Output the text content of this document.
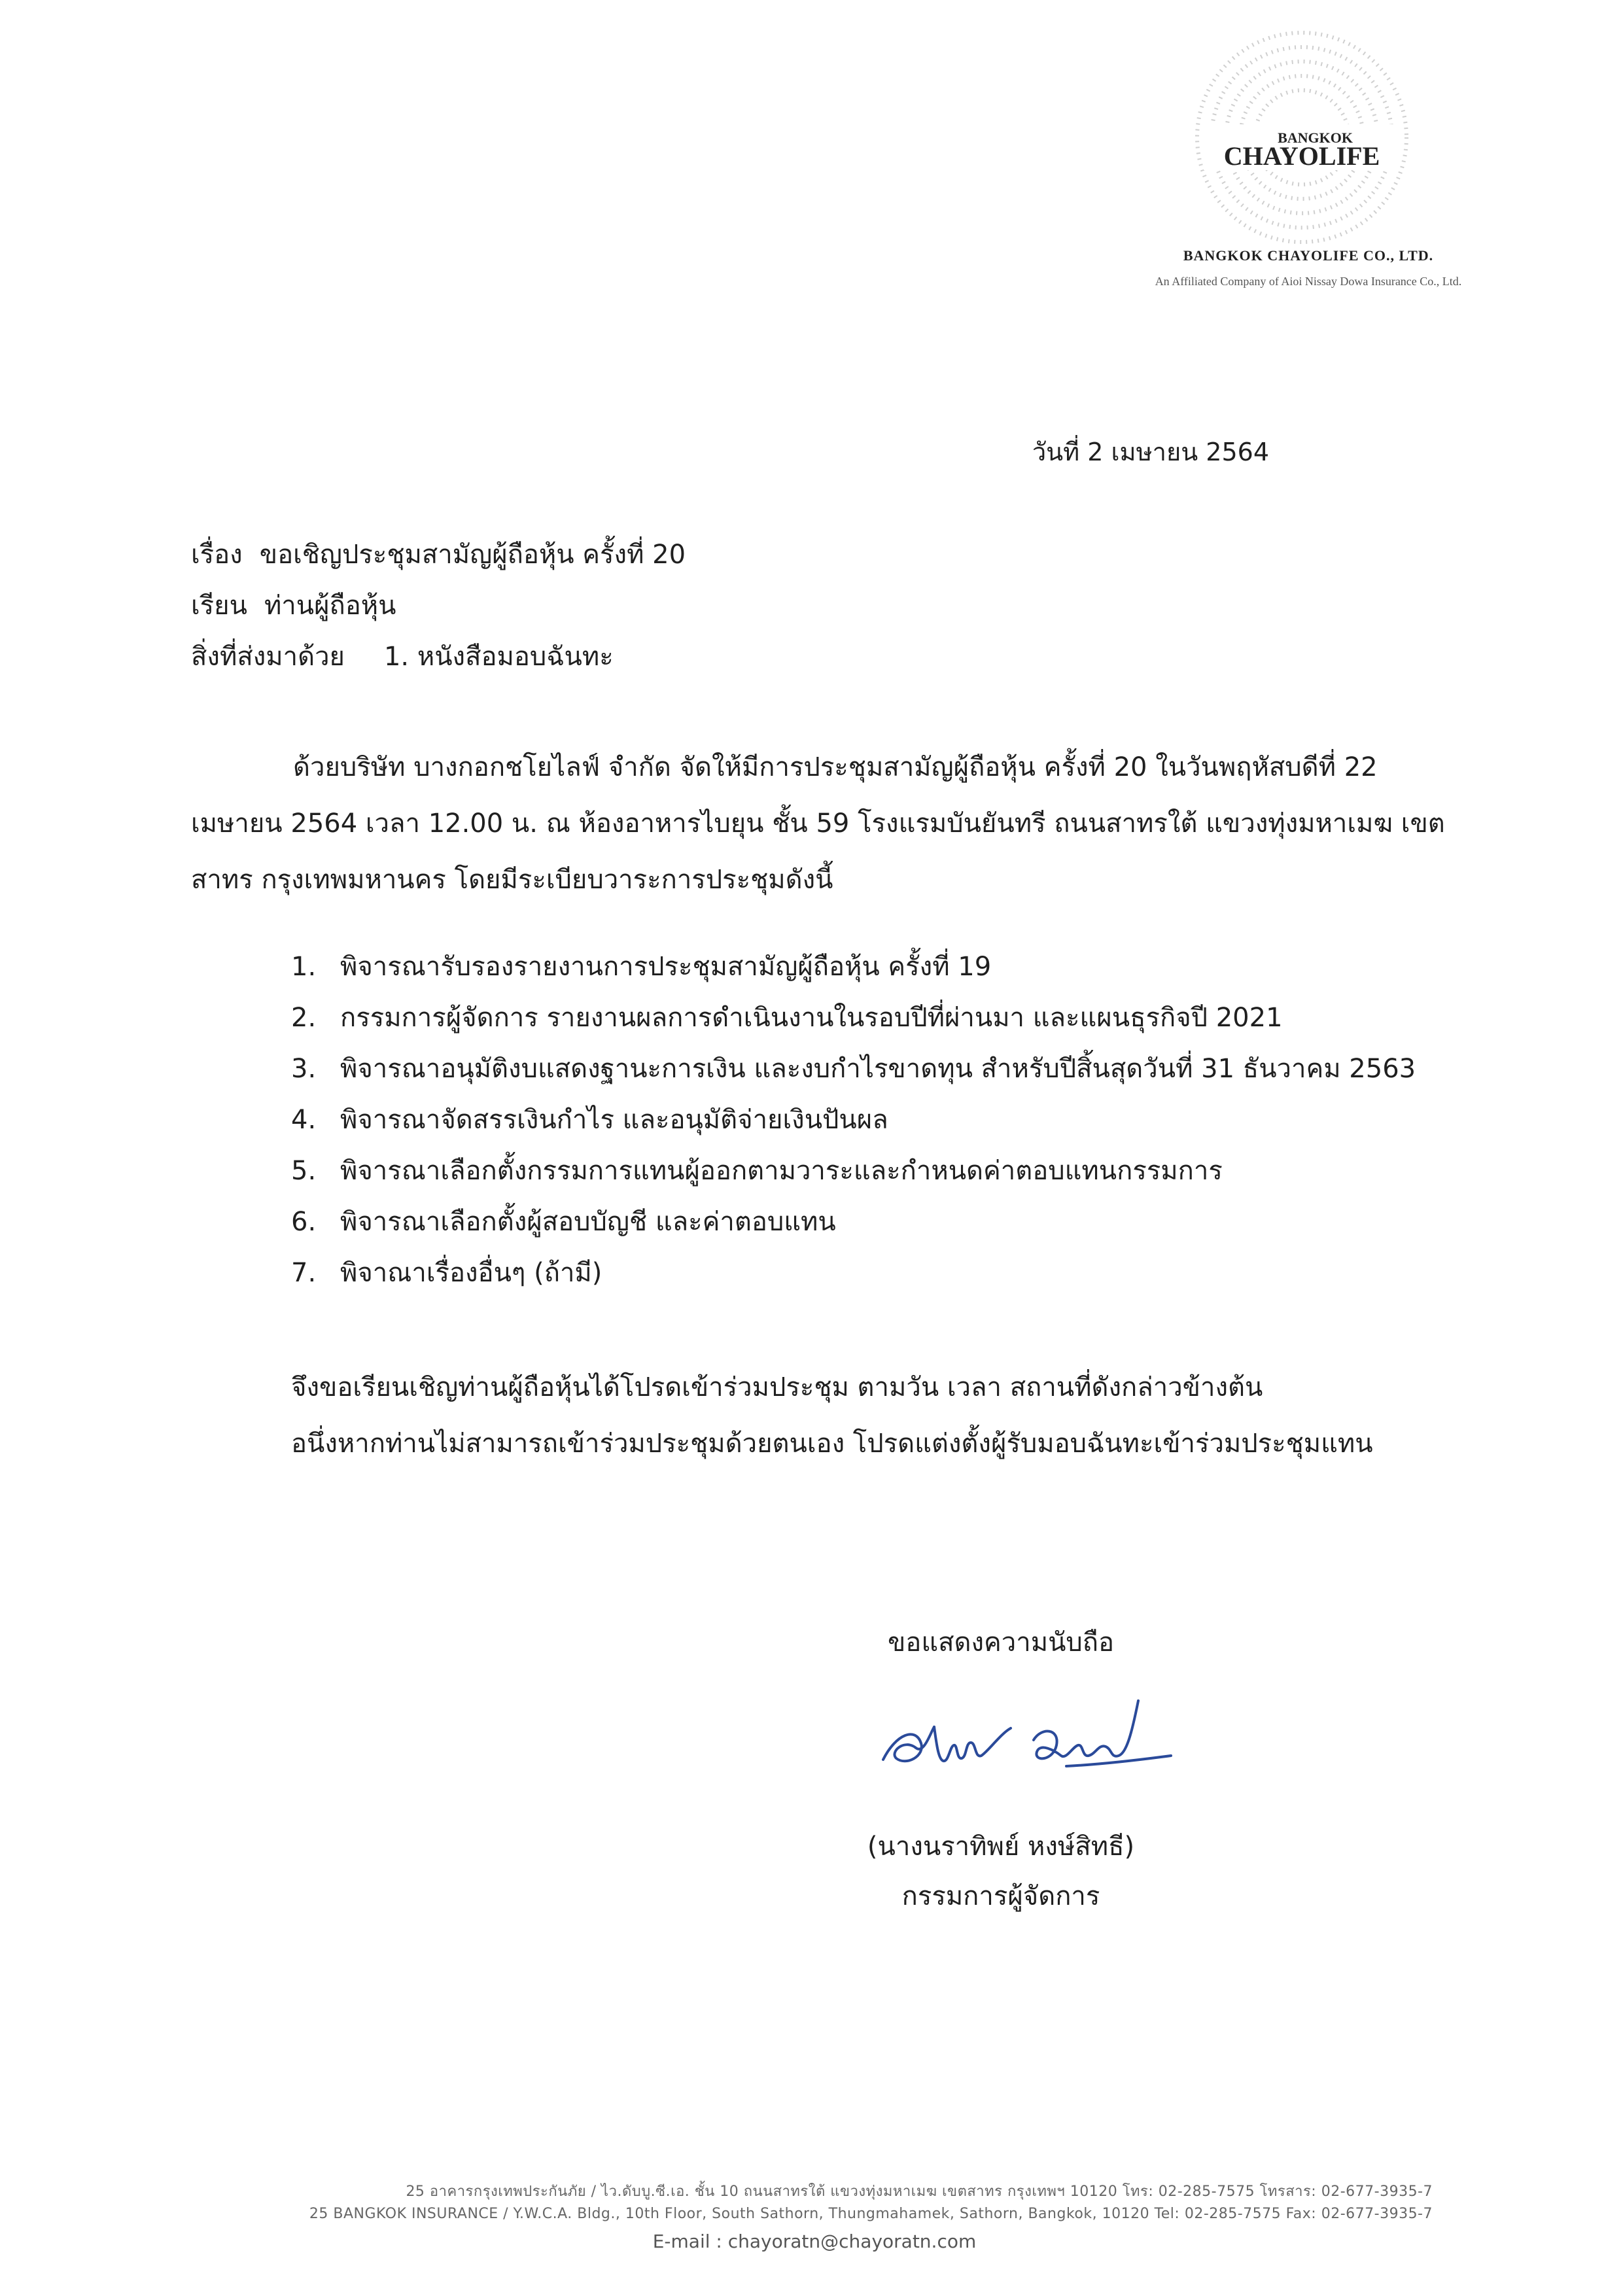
BANGKOK
CHAYOLIFE
BANGKOK CHAYOLIFE CO., LTD.
An Affiliated Company of Aioi Nissay Dowa Insurance Co., Ltd.
วันที่ 2 เมษายน 2564
เรื่อง ขอเชิญประชุมสามัญผู้ถือหุ้น ครั้งที่ 20
เรียน ท่านผู้ถือหุ้น
สิ่งที่ส่งมาด้วย 1. หนังสือมอบฉันทะ
ด้วยบริษัท บางกอกชโยไลฟ์ จำกัด จัดให้มีการประชุมสามัญผู้ถือหุ้น ครั้งที่ 20 ในวันพฤหัสบดีที่ 22
เมษายน 2564 เวลา 12.00 น. ณ ห้องอาหารไบยุน ชั้น 59 โรงแรมบันยันทรี ถนนสาทรใต้ แขวงทุ่งมหาเมฆ เขต
สาทร กรุงเทพมหานคร โดยมีระเบียบวาระการประชุมดังนี้
1. พิจารณารับรองรายงานการประชุมสามัญผู้ถือหุ้น ครั้งที่ 19
2. กรรมการผู้จัดการ รายงานผลการดำเนินงานในรอบปีที่ผ่านมา และแผนธุรกิจปี 2021
3. พิจารณาอนุมัติงบแสดงฐานะการเงิน และงบกำไรขาดทุน สำหรับปีสิ้นสุดวันที่ 31 ธันวาคม 2563
4. พิจารณาจัดสรรเงินกำไร และอนุมัติจ่ายเงินปันผล
5. พิจารณาเลือกตั้งกรรมการแทนผู้ออกตามวาระและกำหนดค่าตอบแทนกรรมการ
6. พิจารณาเลือกตั้งผู้สอบบัญชี และค่าตอบแทน
7. พิจาณาเรื่องอื่นๆ (ถ้ามี)
จึงขอเรียนเชิญท่านผู้ถือหุ้นได้โปรดเข้าร่วมประชุม ตามวัน เวลา สถานที่ดังกล่าวข้างต้น
อนึ่งหากท่านไม่สามารถเข้าร่วมประชุมด้วยตนเอง โปรดแต่งตั้งผู้รับมอบฉันทะเข้าร่วมประชุมแทน
ขอแสดงความนับถือ
(นางนราทิพย์ หงษ์สิทธี)
กรรมการผู้จัดการ
25 อาคารกรุงเทพประกันภัย / ไว.ดับบู.ซี.เอ. ชั้น 10 ถนนสาทรใต้ แขวงทุ่งมหาเมฆ เขตสาทร กรุงเทพฯ 10120 โทร: 02-285-7575 โทรสาร: 02-677-3935-7
25 BANGKOK INSURANCE / Y.W.C.A. Bldg., 10th Floor, South Sathorn, Thungmahamek, Sathorn, Bangkok, 10120 Tel: 02-285-7575 Fax: 02-677-3935-7
E-mail : chayoratn@chayoratn.com
